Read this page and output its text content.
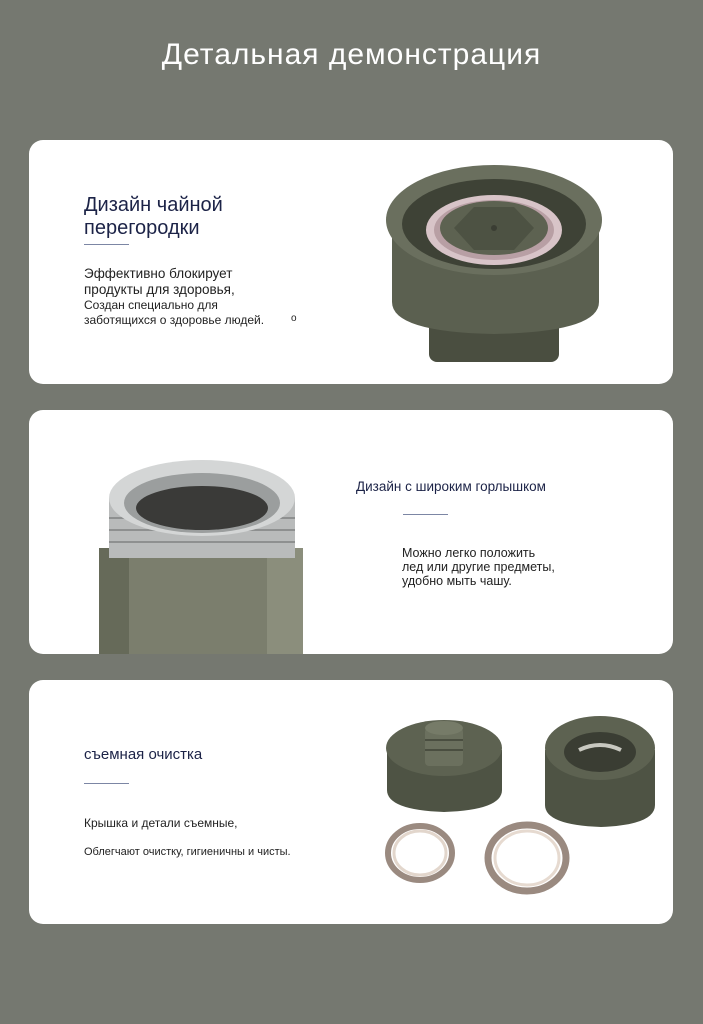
Детальная демонстрация
Дизайн чайной
перегородки
Эффективно блокирует
продукты для здоровья,
Создан специально для
заботящихся о здоровье людей.	o
Дизайн с широким горлышком
Можно легко положить
лед или другие предметы,
удобно мыть чашу.
съемная очистка
Крышка и детали съемные,
Облегчают очистку, гигиеничны и чисты.
